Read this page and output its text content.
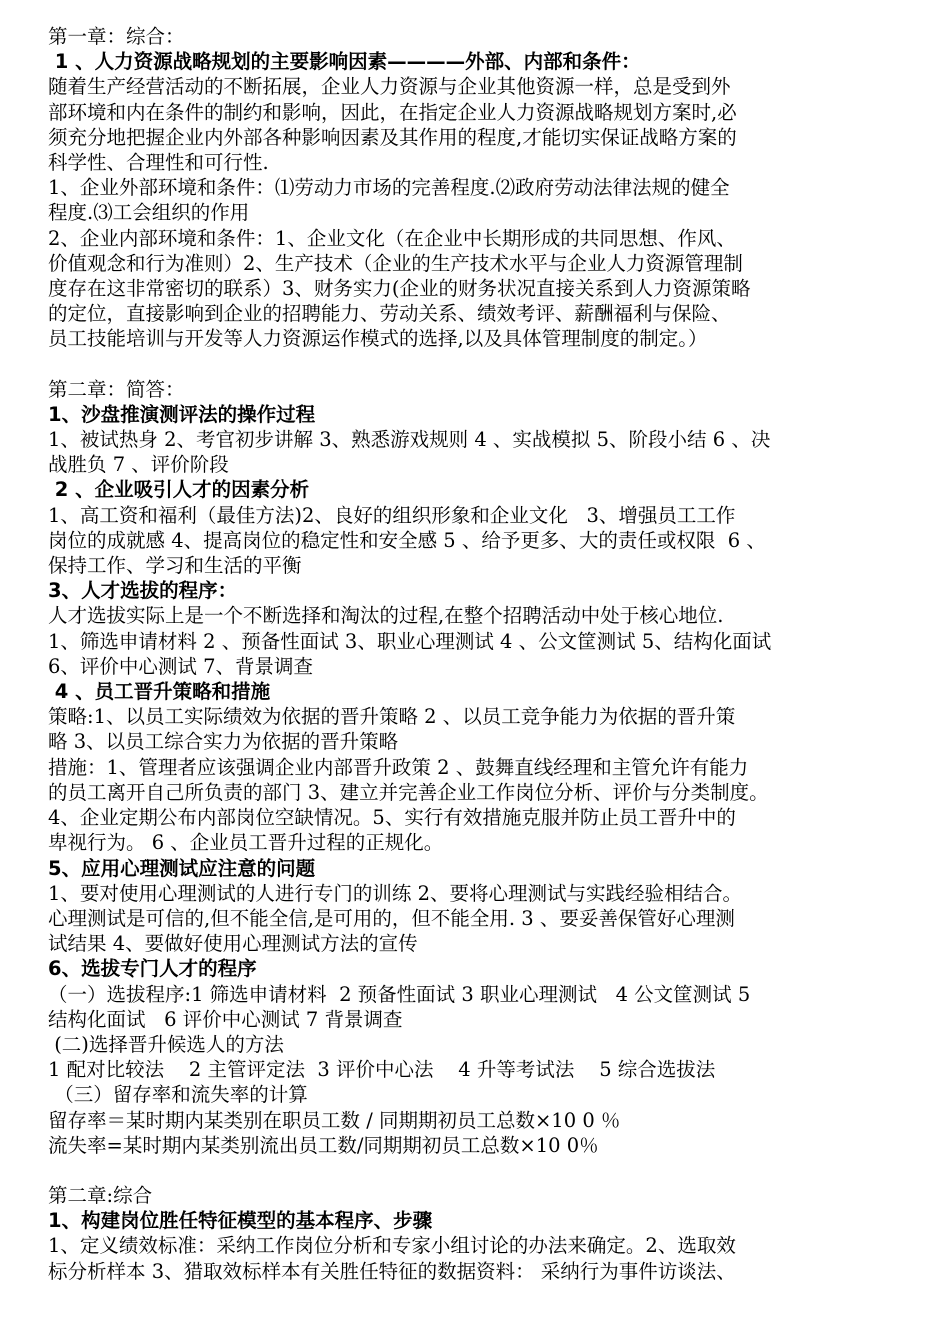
第一章：综合：
1 、人力资源战略规划的主要影响因素————外部、内部和条件：
随着生产经营活动的不断拓展，企业人力资源与企业其他资源一样，总是受到外
部环境和内在条件的制约和影响，因此，在指定企业人力资源战略规划方案时,必
须充分地把握企业内外部各种影响因素及其作用的程度,才能切实保证战略方案的
科学性、合理性和可行性.
1、企业外部环境和条件：⑴劳动力市场的完善程度.⑵政府劳动法律法规的健全
程度.⑶工会组织的作用
2、企业内部环境和条件：1、企业文化（在企业中长期形成的共同思想、作风、
价值观念和行为准则）2、生产技术（企业的生产技术水平与企业人力资源管理制
度存在这非常密切的联系）3、财务实力(企业的财务状况直接关系到人力资源策略
的定位，直接影响到企业的招聘能力、劳动关系、绩效考评、薪酬福利与保险、
员工技能培训与开发等人力资源运作模式的选择,以及具体管理制度的制定。）
第二章：简答：
1、沙盘推演测评法的操作过程
1、被试热身 2、考官初步讲解 3、熟悉游戏规则 4 、实战模拟 5、阶段小结 6 、决
战胜负 7 、评价阶段
2 、企业吸引人才的因素分析
1、高工资和福利（最佳方法)2、良好的组织形象和企业文化   3、增强员工工作
岗位的成就感 4、提高岗位的稳定性和安全感 5 、给予更多、大的责任或权限  6 、
保持工作、学习和生活的平衡
3、人才选拔的程序：
人才选拔实际上是一个不断选择和淘汰的过程,在整个招聘活动中处于核心地位.
1、筛选申请材料 2 、预备性面试 3、职业心理测试 4 、公文筐测试 5、结构化面试
6、评价中心测试 7、背景调查
4 、员工晋升策略和措施
策略:1、以员工实际绩效为依据的晋升策略 2 、以员工竞争能力为依据的晋升策
略 3、以员工综合实力为依据的晋升策略
措施：1、管理者应该强调企业内部晋升政策 2 、鼓舞直线经理和主管允许有能力
的员工离开自己所负责的部门 3、建立并完善企业工作岗位分析、评价与分类制度。
4、企业定期公布内部岗位空缺情况。5、实行有效措施克服并防止员工晋升中的
卑视行为。 6 、企业员工晋升过程的正规化。
5、应用心理测试应注意的问题
1、要对使用心理测试的人进行专门的训练 2、要将心理测试与实践经验相结合。
心理测试是可信的,但不能全信,是可用的，但不能全用. 3 、要妥善保管好心理测
试结果 4、要做好使用心理测试方法的宣传
6、选拔专门人才的程序
（一）选拔程序:1 筛选申请材料  2 预备性面试 3 职业心理测试   4 公文筐测试 5
结构化面试   6 评价中心测试 7 背景调查
(二)选择晋升候选人的方法
1 配对比较法    2 主管评定法  3 评价中心法    4 升等考试法    5 综合选拔法
（三）留存率和流失率的计算
留存率＝某时期内某类别在职员工数 / 同期期初员工总数×10 0 ％
流失率=某时期内某类别流出员工数/同期期初员工总数×10 0％
第二章:综合
1、构建岗位胜任特征模型的基本程序、步骤
1、定义绩效标准：采纳工作岗位分析和专家小组讨论的办法来确定。2、选取效
标分析样本 3、猎取效标样本有关胜任特征的数据资料： 采纳行为事件访谈法、
